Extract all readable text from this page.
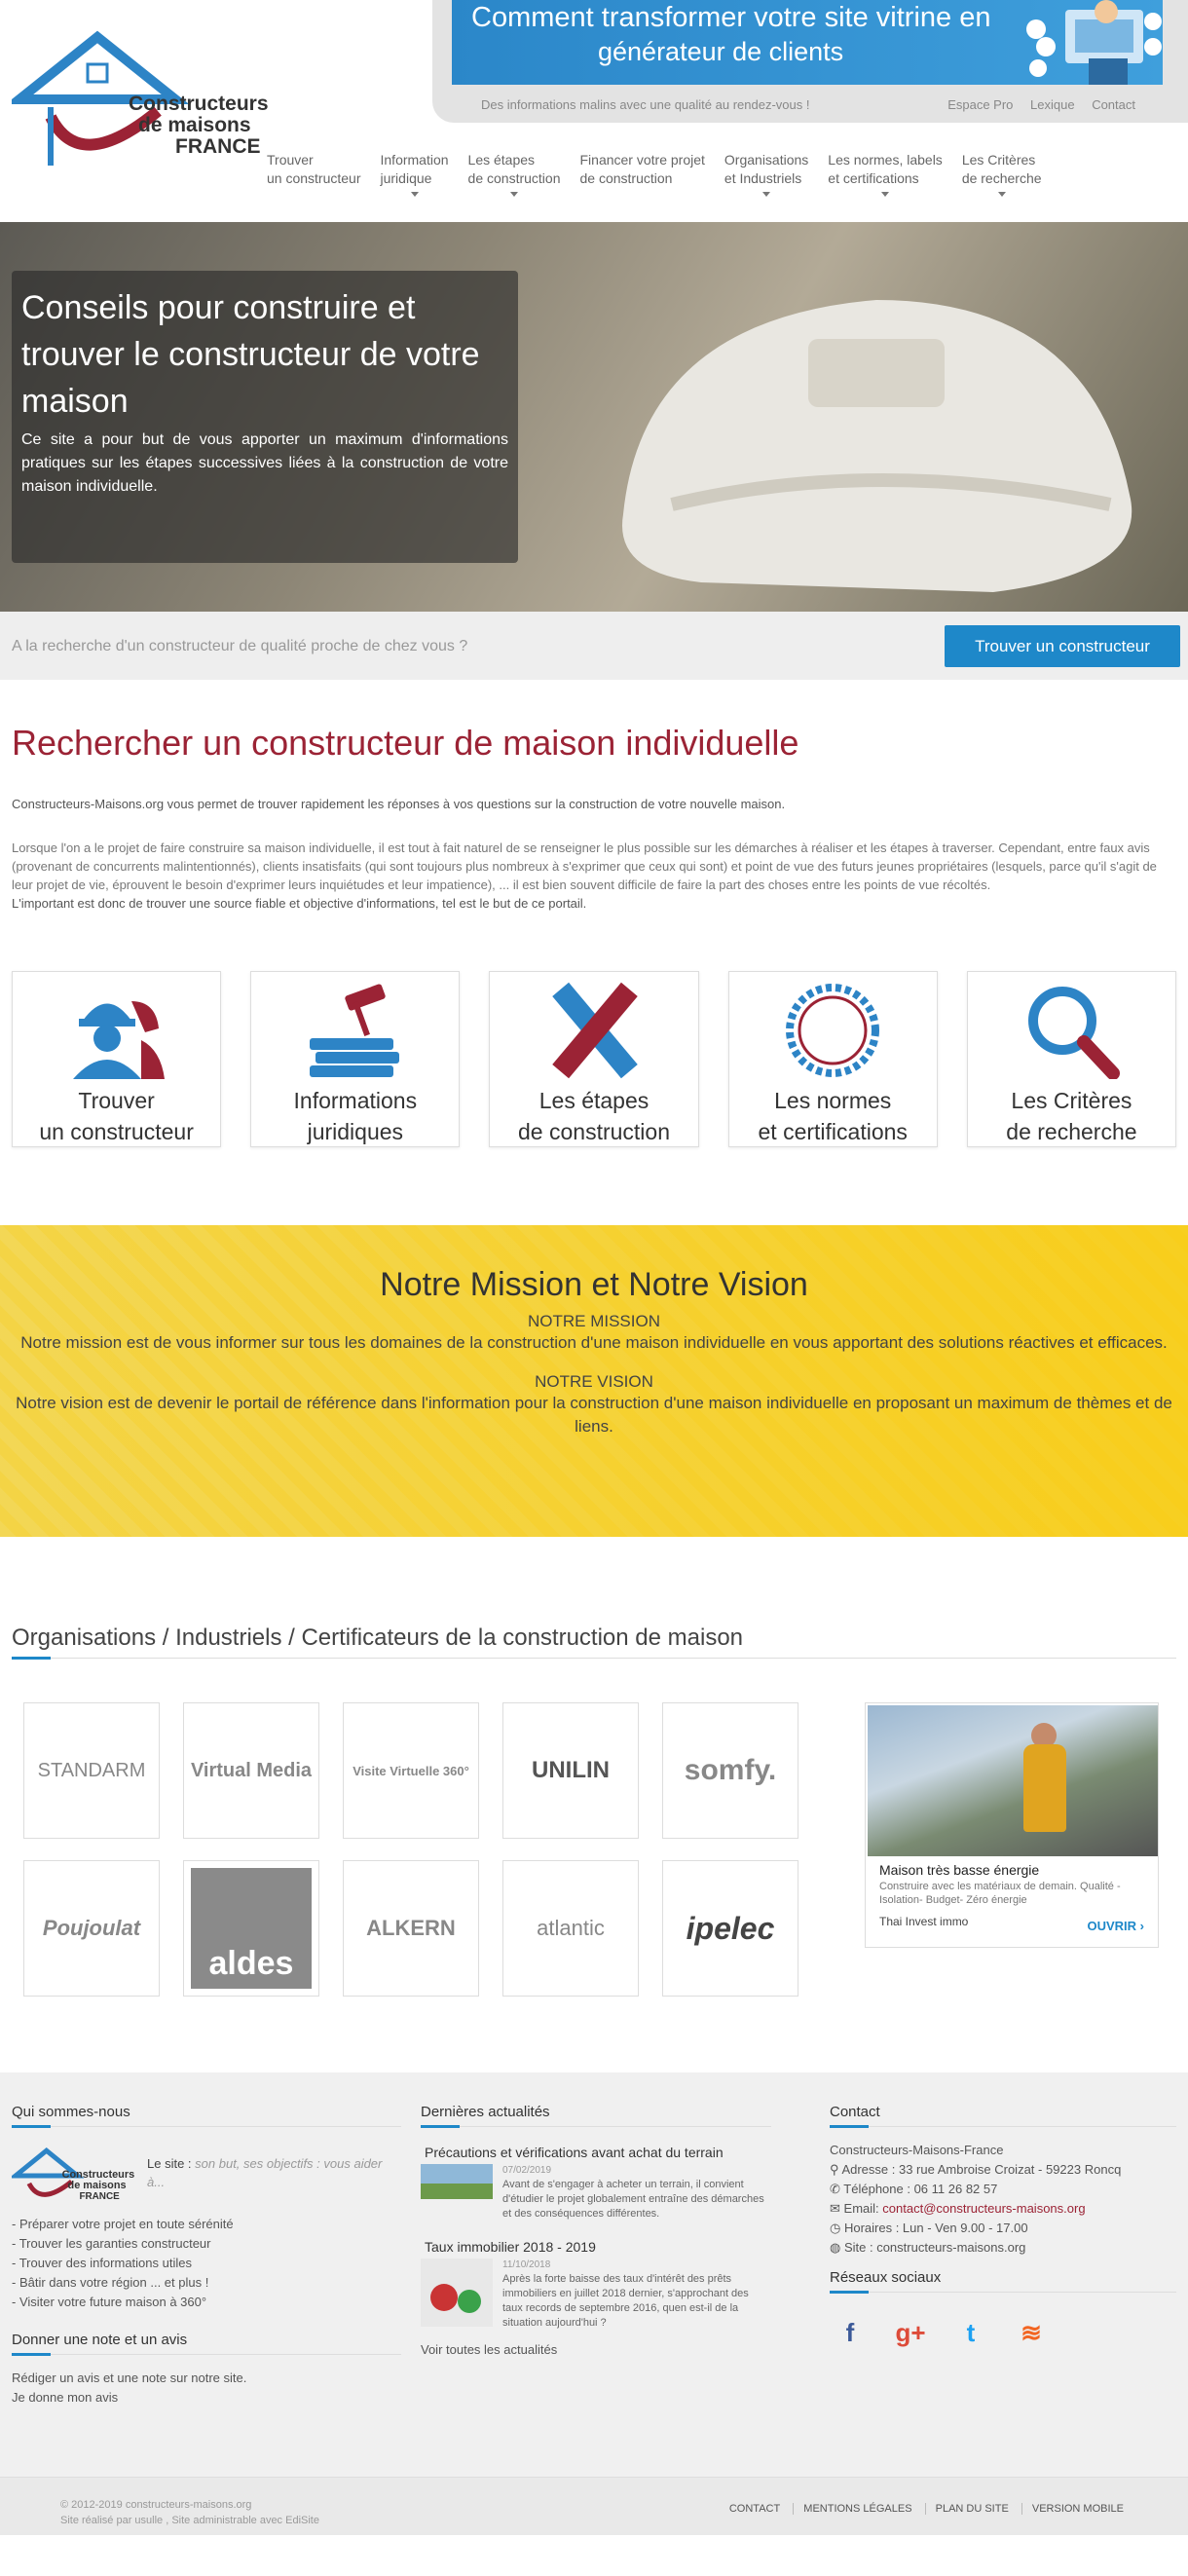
Constructeurs
de maisons
FRANCE
Comment transformer votre site vitrine en
générateur de clients
Des informations malins avec une qualité au rendez-vous !	Espace Pro Lexique Contact
Trouver
un constructeur
Information
juridique
Les étapes
de construction
Financer votre projet
de construction
Organisations
et Industriels
Les normes, labels
et certifications
Les Critères
de recherche
Conseils pour construire et trouver le constructeur de votre maison

Ce site a pour but de vous apporter un maximum d'informations pratiques sur les étapes successives liées à la construction de votre maison individuelle.

A la recherche d'un constructeur de qualité proche de chez vous ?	Trouver un constructeur
Rechercher un constructeur de maison individuelle

Constructeurs-Maisons.org vous permet de trouver rapidement les réponses à vos questions sur la construction de votre nouvelle maison.

Lorsque l'on a le projet de faire construire sa maison individuelle, il est tout à fait naturel de se renseigner le plus possible sur les démarches à réaliser et les étapes à traverser. Cependant, entre faux avis (provenant de concurrents malintentionnés), clients insatisfaits (qui sont toujours plus nombreux à s'exprimer que ceux qui sont) et point de vue des futurs jeunes propriétaires (lesquels, parce qu'il s'agit de leur projet de vie, éprouvent le besoin d'exprimer leurs inquiétudes et leur impatience), ... il est bien souvent difficile de faire la part des choses entre les points de vue récoltés.

L'important est donc de trouver une source fiable et objective d'informations, tel est le but de ce portail.

Trouver
un constructeur
Informations
juridiques
Les étapes
de construction
Les normes
et certifications
Les Critères
de recherche
Notre Mission et Notre Vision
NOTRE MISSION
Notre mission est de vous informer sur tous les domaines de la construction d'une maison individuelle en vous apportant des solutions réactives et efficaces.
NOTRE VISION
Notre vision est de devenir le portail de référence dans l'information pour la construction d'une maison individuelle en proposant un maximum de thèmes et de liens.
Organisations / Industriels / Certificateurs de la construction de maison
STANDARM Virtual Media	Visite Virtuelle 360°	UNILIN	somfy.
Poujoulat
aldes
ALKERN	atlantic	ipelec
Maison très basse énergie
Construire avec les matériaux de demain. Qualité - Isolation- Budget- Zéro énergie
Thai Invest immo	OUVRIR ›
Qui sommes-nous
Constructeurs
de maisons
FRANCE
Le site : son but, ses objectifs : vous aider à...
- Préparer votre projet en toute sérénité
- Trouver les garanties constructeur
- Trouver des informations utiles
- Bâtir dans votre région ... et plus !
- Visiter votre future maison à 360°
Donner une note et un avis

Rédiger un avis et une note sur notre site.

Je donne mon avis

Dernières actualités
Précautions et vérifications avant achat du terrain
07/02/2019
Avant de s'engager à acheter un terrain, il convient d'étudier le projet globalement entraîne des démarches et des conséquences différentes.
Taux immobilier 2018 - 2019
11/10/2018
Après la forte baisse des taux d'intérêt des prêts immobiliers en juillet 2018 dernier, s'approchant des taux records de septembre 2016, quen est-il de la situation aujourd'hui ?

Voir toutes les actualités

Contact

Constructeurs-Maisons-France

⚲ Adresse : 33 rue Ambroise Croizat - 59223 Roncq

✆ Téléphone : 06 11 26 82 57

✉ Email: contact@constructeurs-maisons.org

◷ Horaires : Lun - Ven 9.00 - 17.00

◍ Site : constructeurs-maisons.org

Réseaux sociaux
f	g+	t	≋
© 2012-2019 constructeurs-maisons.org
Site réalisé par usulle , Site administrable avec EdiSite
CONTACT MENTIONS LÉGALES PLAN DU SITE VERSION MOBILE
